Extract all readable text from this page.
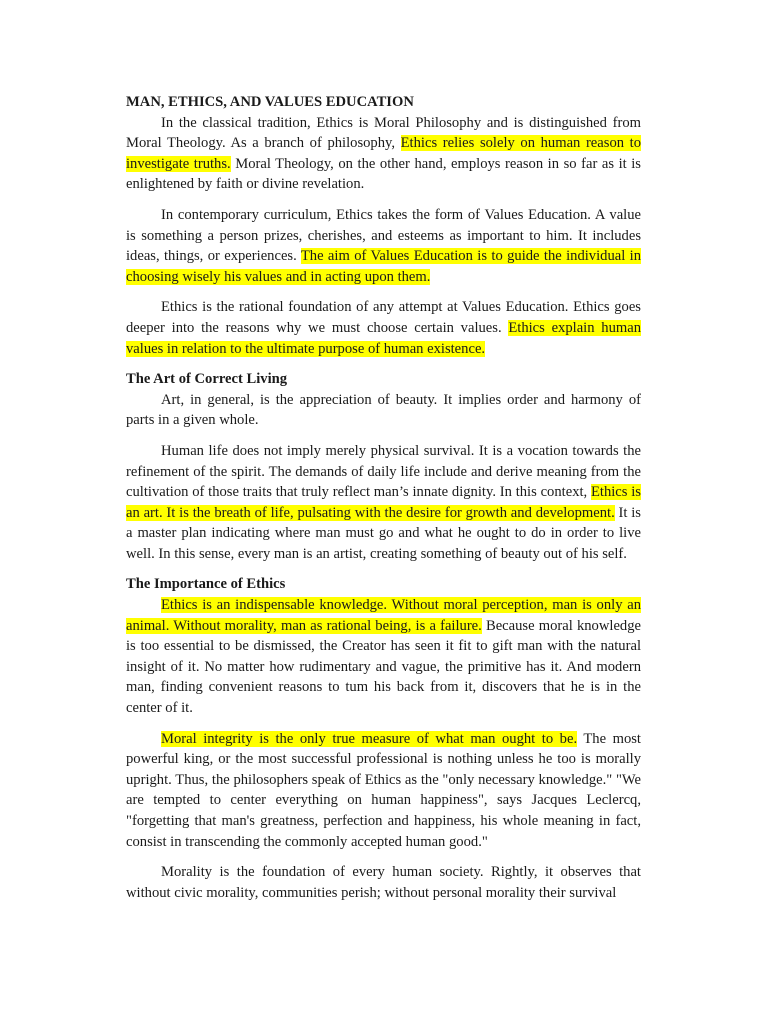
MAN, ETHICS, AND VALUES EDUCATION

In the classical tradition, Ethics is Moral Philosophy and is distinguished from Moral Theology. As a branch of philosophy, Ethics relies solely on human reason to investigate truths. Moral Theology, on the other hand, employs reason in so far as it is enlightened by faith or divine revelation.

In contemporary curriculum, Ethics takes the form of Values Education. A value is something a person prizes, cherishes, and esteems as important to him. It includes ideas, things, or experiences. The aim of Values Education is to guide the individual in choosing wisely his values and in acting upon them.

Ethics is the rational foundation of any attempt at Values Education. Ethics goes deeper into the reasons why we must choose certain values. Ethics explain human values in relation to the ultimate purpose of human existence.

The Art of Correct Living

Art, in general, is the appreciation of beauty. It implies order and harmony of parts in a given whole.

Human life does not imply merely physical survival. It is a vocation towards the refinement of the spirit. The demands of daily life include and derive meaning from the cultivation of those traits that truly reflect man’s innate dignity. In this context, Ethics is an art. It is the breath of life, pulsating with the desire for growth and development. It is a master plan indicating where man must go and what he ought to do in order to live well. In this sense, every man is an artist, creating something of beauty out of his self.

The Importance of Ethics

Ethics is an indispensable knowledge. Without moral perception, man is only an animal. Without morality, man as rational being, is a failure. Because moral knowledge is too essential to be dismissed, the Creator has seen it fit to gift man with the natural insight of it. No matter how rudimentary and vague, the primitive has it. And modern man, finding convenient reasons to tum his back from it, discovers that he is in the center of it.

Moral integrity is the only true measure of what man ought to be. The most powerful king, or the most successful professional is nothing unless he too is morally upright. Thus, the philosophers speak of Ethics as the "only necessary knowledge." "We are tempted to center everything on human happiness", says Jacques Leclercq, "forgetting that man's greatness, perfection and happiness, his whole meaning in fact, consist in transcending the commonly accepted human good."

Morality is the foundation of every human society. Rightly, it observes that without civic morality, communities perish; without personal morality their survival
